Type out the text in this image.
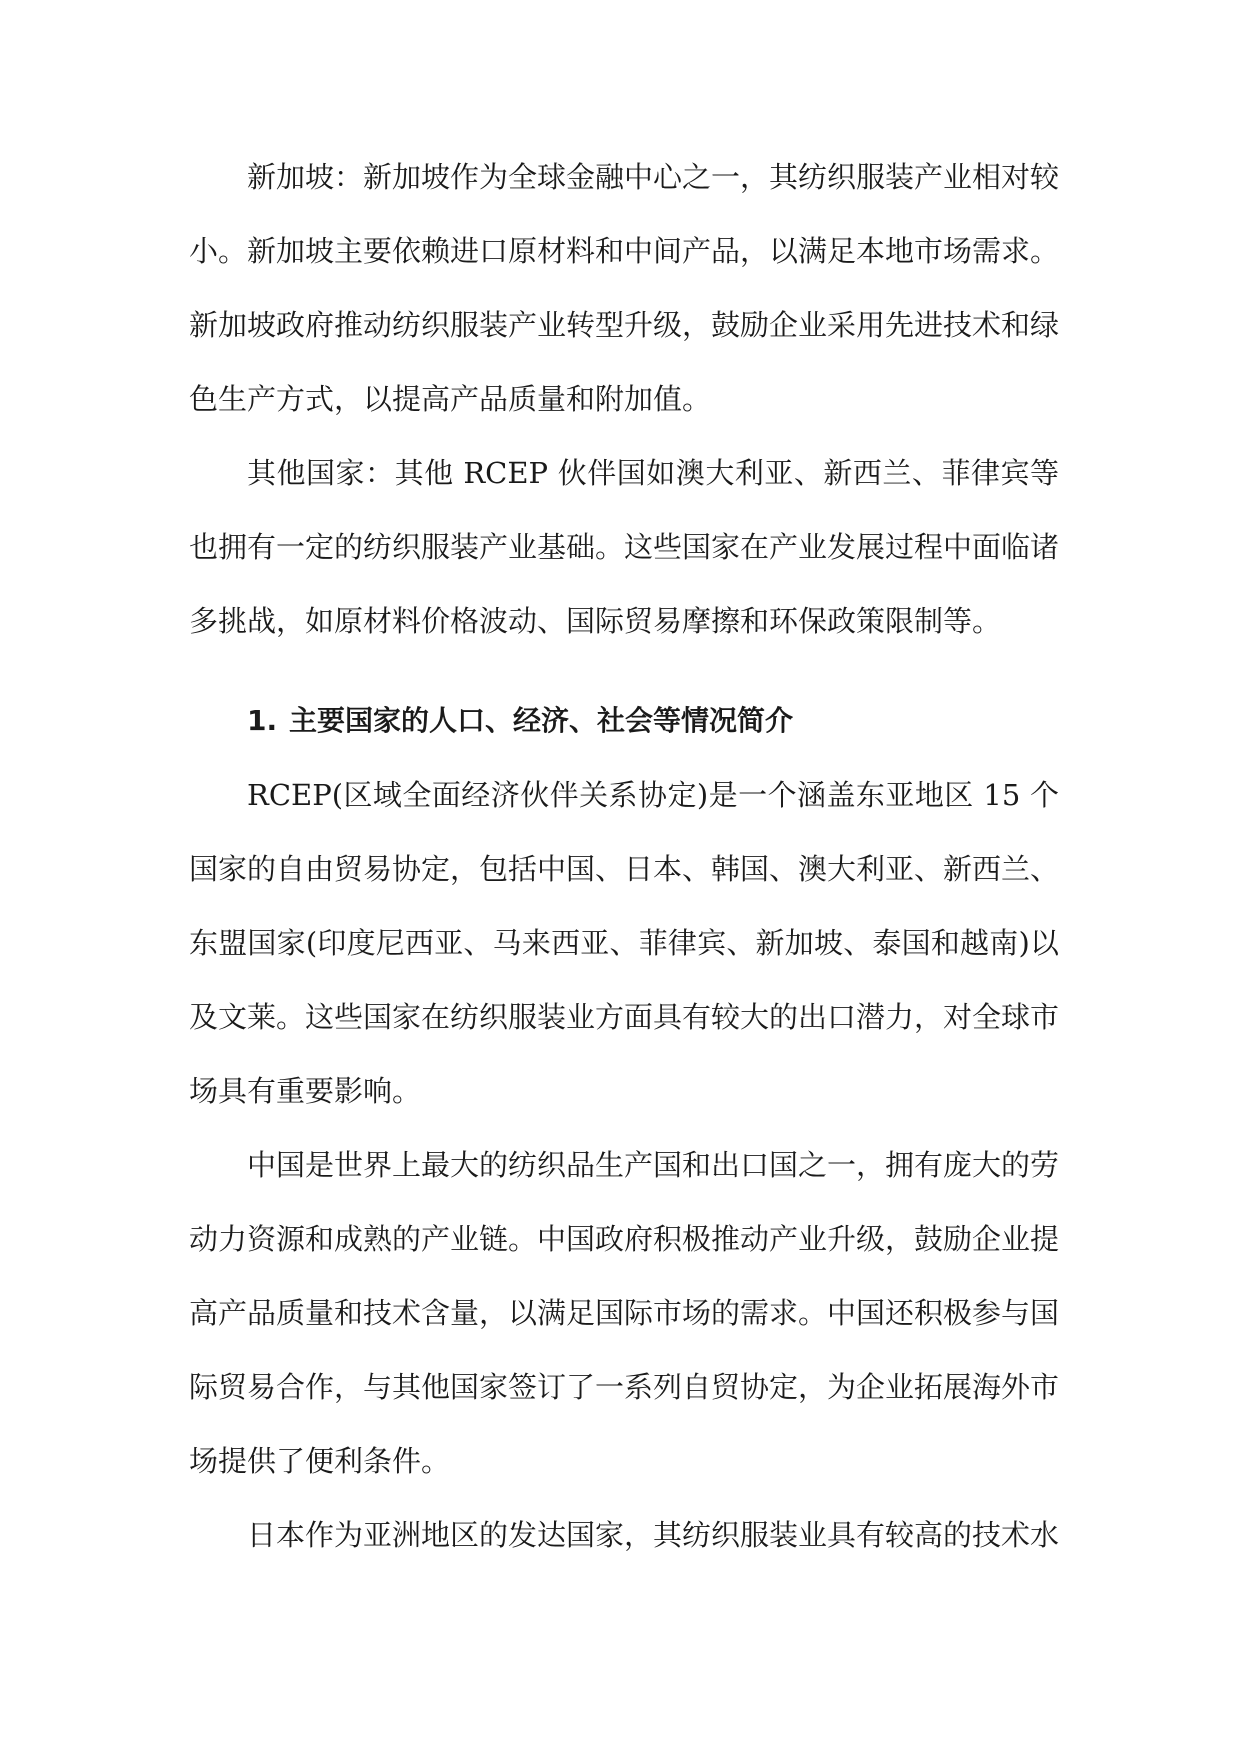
新加坡：新加坡作为全球金融中心之一，其纺织服装产业相对较小。新加坡主要依赖进口原材料和中间产品，以满足本地市场需求。新加坡政府推动纺织服装产业转型升级，鼓励企业采用先进技术和绿色生产方式，以提高产品质量和附加值。

其他国家：其他 RCEP 伙伴国如澳大利亚、新西兰、菲律宾等也拥有一定的纺织服装产业基础。这些国家在产业发展过程中面临诸多挑战，如原材料价格波动、国际贸易摩擦和环保政策限制等。

1. 主要国家的人口、经济、社会等情况简介

RCEP(区域全面经济伙伴关系协定)是一个涵盖东亚地区 15 个国家的自由贸易协定，包括中国、日本、韩国、澳大利亚、新西兰、东盟国家(印度尼西亚、马来西亚、菲律宾、新加坡、泰国和越南)以及文莱。这些国家在纺织服装业方面具有较大的出口潜力，对全球市场具有重要影响。

中国是世界上最大的纺织品生产国和出口国之一，拥有庞大的劳动力资源和成熟的产业链。中国政府积极推动产业升级，鼓励企业提高产品质量和技术含量，以满足国际市场的需求。中国还积极参与国际贸易合作，与其他国家签订了一系列自贸协定，为企业拓展海外市场提供了便利条件。

日本作为亚洲地区的发达国家，其纺织服装业具有较高的技术水
